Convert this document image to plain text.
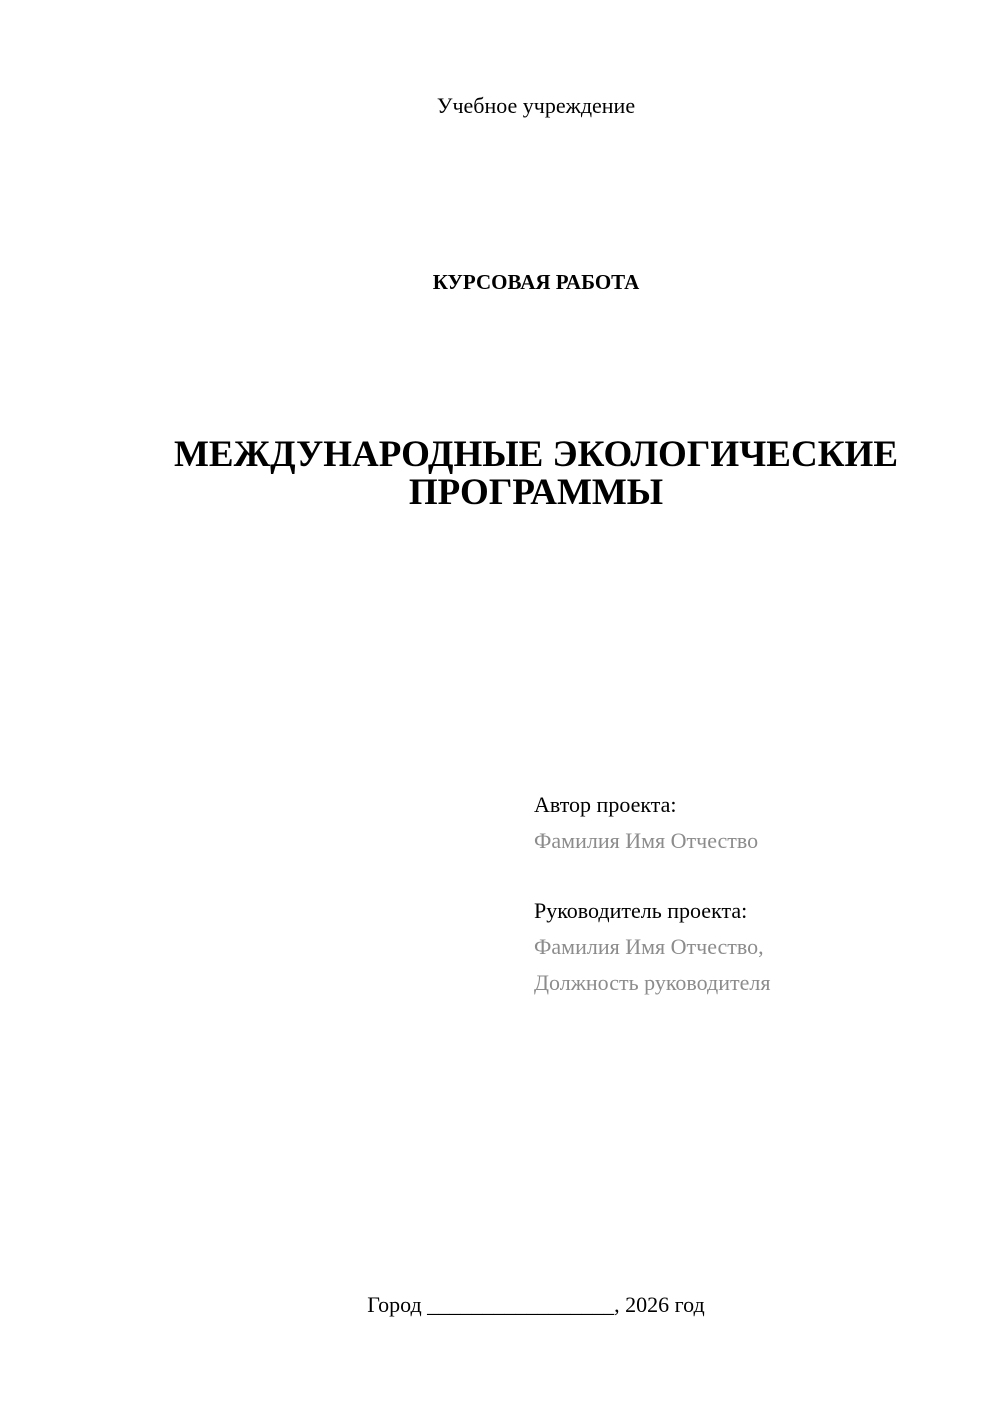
Учебное учреждение
КУРСОВАЯ РАБОТА
МЕЖДУНАРОДНЫЕ ЭКОЛОГИЧЕСКИЕ
ПРОГРАММЫ
Автор проекта:
Фамилия Имя Отчество
Руководитель проекта:
Фамилия Имя Отчество,
Должность руководителя
Город _________________, 2026 год
